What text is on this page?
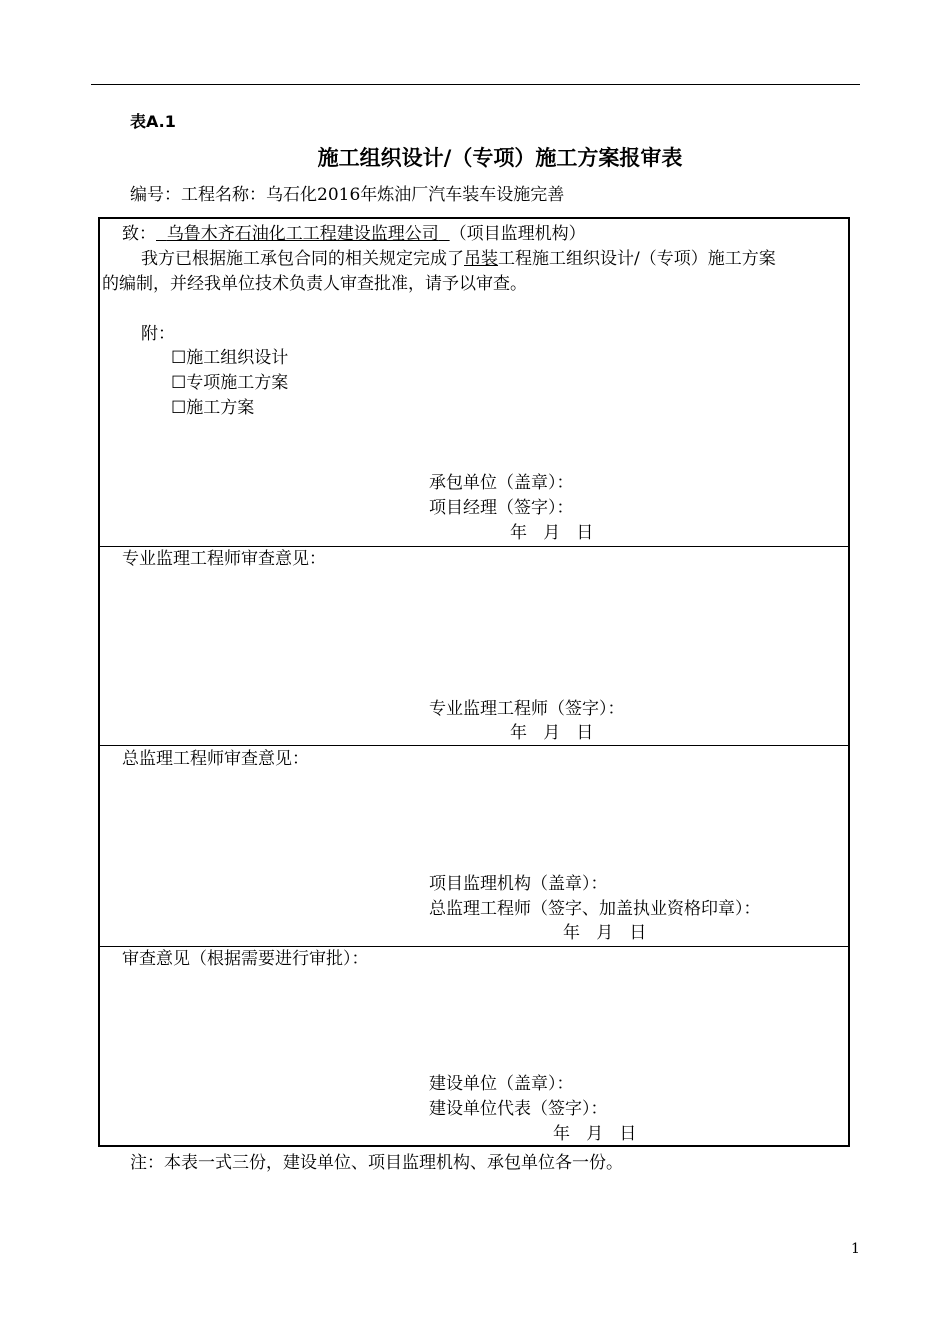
表A.1
施工组织设计/（专项）施工方案报审表
编号：工程名称：乌石化2016年炼油厂汽车装车设施完善
致： 乌鲁木齐石油化工工程建设监理公司 （项目监理机构）
我方已根据施工承包合同的相关规定完成了吊装工程施工组织设计/（专项）施工方案
的编制，并经我单位技术负责人审查批准，请予以审查。
附：
☐施工组织设计
☐专项施工方案
☐施工方案
承包单位（盖章）：
项目经理（签字）：
年   月   日
专业监理工程师审查意见：
专业监理工程师（签字）：
年   月   日
总监理工程师审查意见：
项目监理机构（盖章）：
总监理工程师（签字、加盖执业资格印章）：
年   月   日
审查意见（根据需要进行审批）：
建设单位（盖章）：
建设单位代表（签字）：
年   月   日
注：本表一式三份，建设单位、项目监理机构、承包单位各一份。
1
